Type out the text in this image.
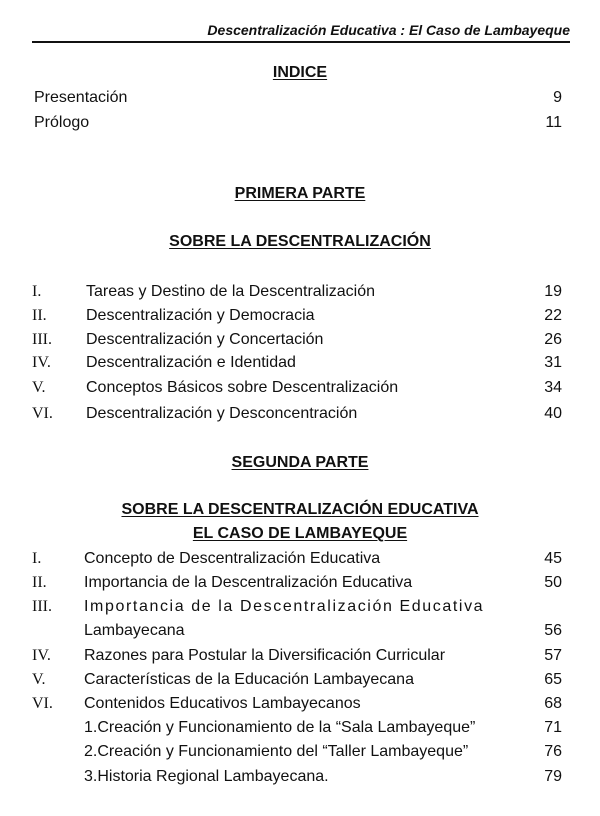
Descentralización Educativa : El Caso de Lambayeque
INDICE
Presentación	9
Prólogo	11
PRIMERA PARTE
SOBRE LA DESCENTRALIZACIÓN
I.	Tareas y Destino de la Descentralización	19
II. Descentralización y Democracia	22
III. Descentralización y Concertación	26
IV. Descentralización e Identidad	31
V.	Conceptos Básicos sobre Descentralización	34
VI. Descentralización y Desconcentración	40
SEGUNDA PARTE
SOBRE LA DESCENTRALIZACIÓN EDUCATIVA
EL CASO DE LAMBAYEQUE
I.	Concepto de Descentralización Educativa	45
II. Importancia de la Descentralización Educativa	50
III. Importancia de la Descentralización Educativa
Lambayecana	56
IV. Razones para Postular la Diversificación Curricular	57
V. Características de la Educación Lambayecana	65
VI. Contenidos Educativos Lambayecanos	68
1.Creación y Funcionamiento de la “Sala Lambayeque”	71
2.Creación y Funcionamiento del “Taller Lambayeque”	76
3.Historia Regional Lambayecana.	79
